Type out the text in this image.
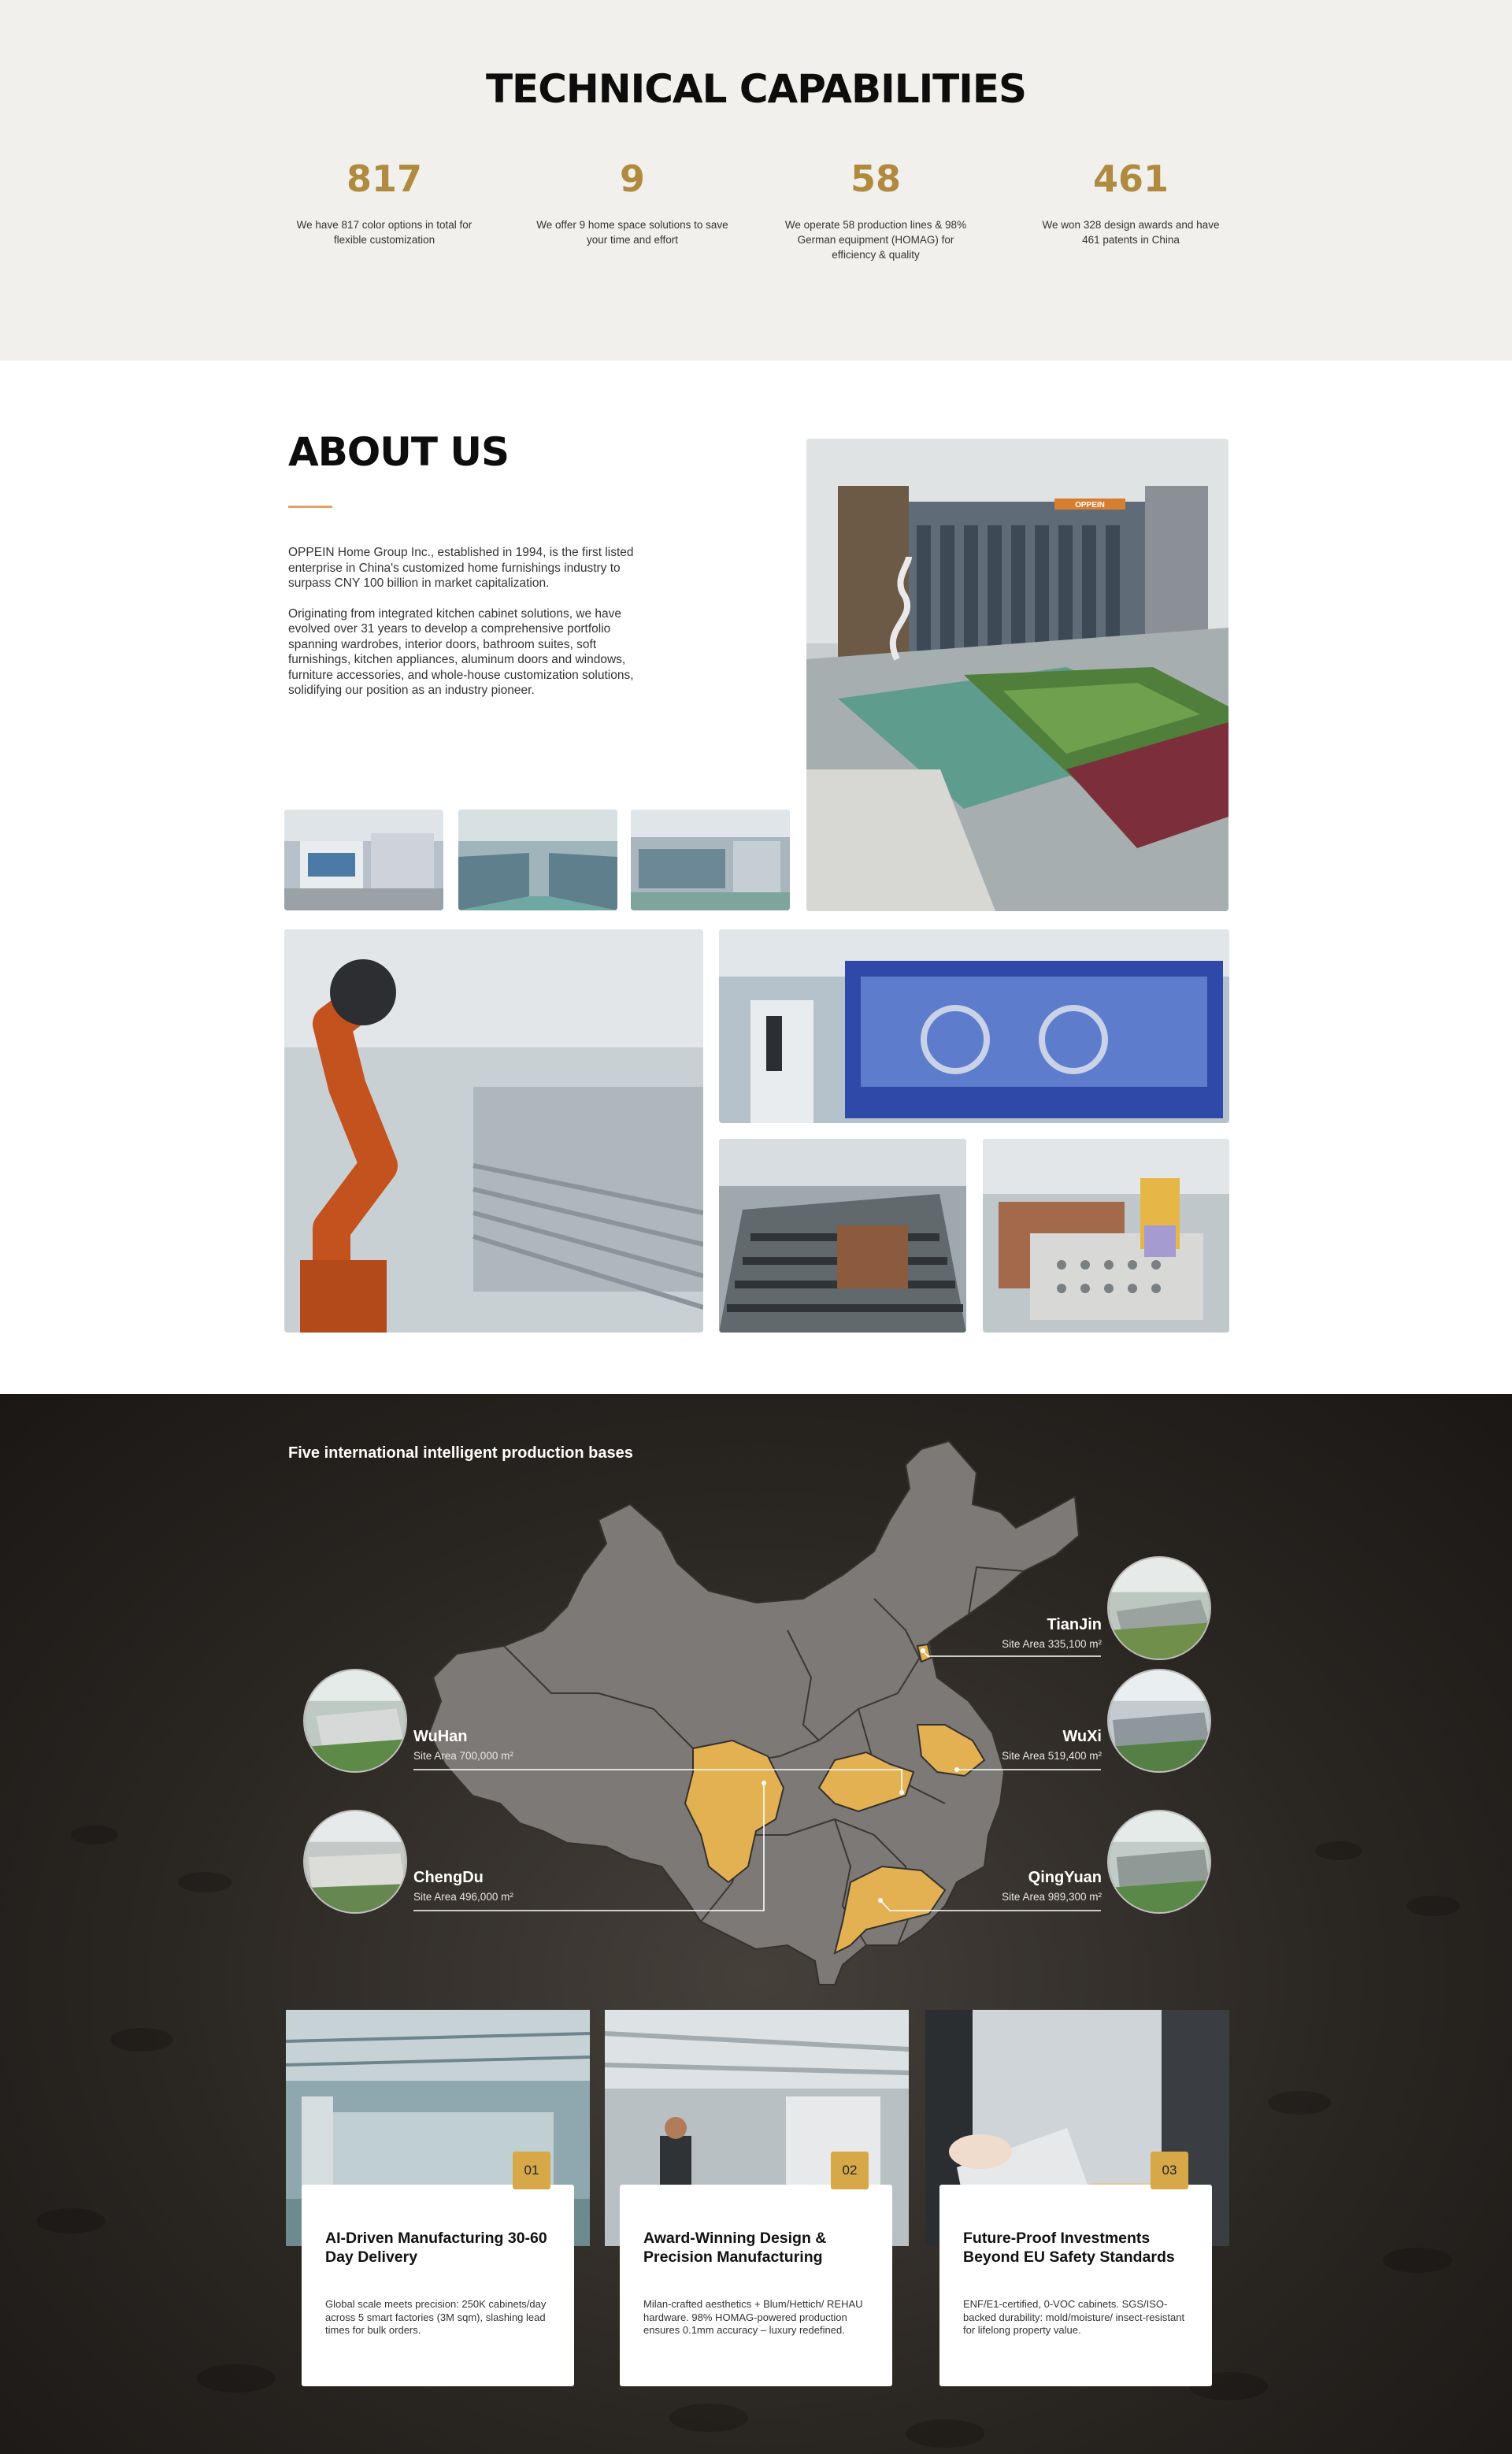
TECHNICAL CAPABILITIES
817
We have 817 color options in total for flexible customization
9
We offer 9 home space solutions to save your time and effort
58
We operate 58 production lines & 98% German equipment (HOMAG) for efficiency & quality
461
We won 328 design awards and have 461 patents in China
ABOUT US

OPPEIN Home Group Inc., established in 1994, is the first listed enterprise in China's customized home furnishings industry to surpass CNY 100 billion in market capitalization.

Originating from integrated kitchen cabinet solutions, we have evolved over 31 years to develop a comprehensive portfolio spanning wardrobes, interior doors, bathroom suites, soft furnishings, kitchen appliances, aluminum doors and windows, furniture accessories, and whole-house customization solutions, solidifying our position as an industry pioneer.

OPPEIN
Five international intelligent production bases
TianJin
Site Area 335,100 m²
WuHan
Site Area 700,000 m²
WuXi
Site Area 519,400 m²
ChengDu
Site Area 496,000 m²
QingYuan
Site Area 989,300 m²
01
AI-Driven Manufacturing 30-60 Day Delivery

Global scale meets precision: 250K cabinets/day across 5 smart factories (3M sqm), slashing lead times for bulk orders.

02
Award-Winning Design & Precision Manufacturing

Milan-crafted aesthetics + Blum/Hettich/ REHAU hardware. 98% HOMAG-powered production ensures 0.1mm accuracy – luxury redefined.

03
Future-Proof Investments Beyond EU Safety Standards

ENF/E1-certified, 0-VOC cabinets. SGS/ISO-backed durability: mold/moisture/ insect-resistant for lifelong property value.
